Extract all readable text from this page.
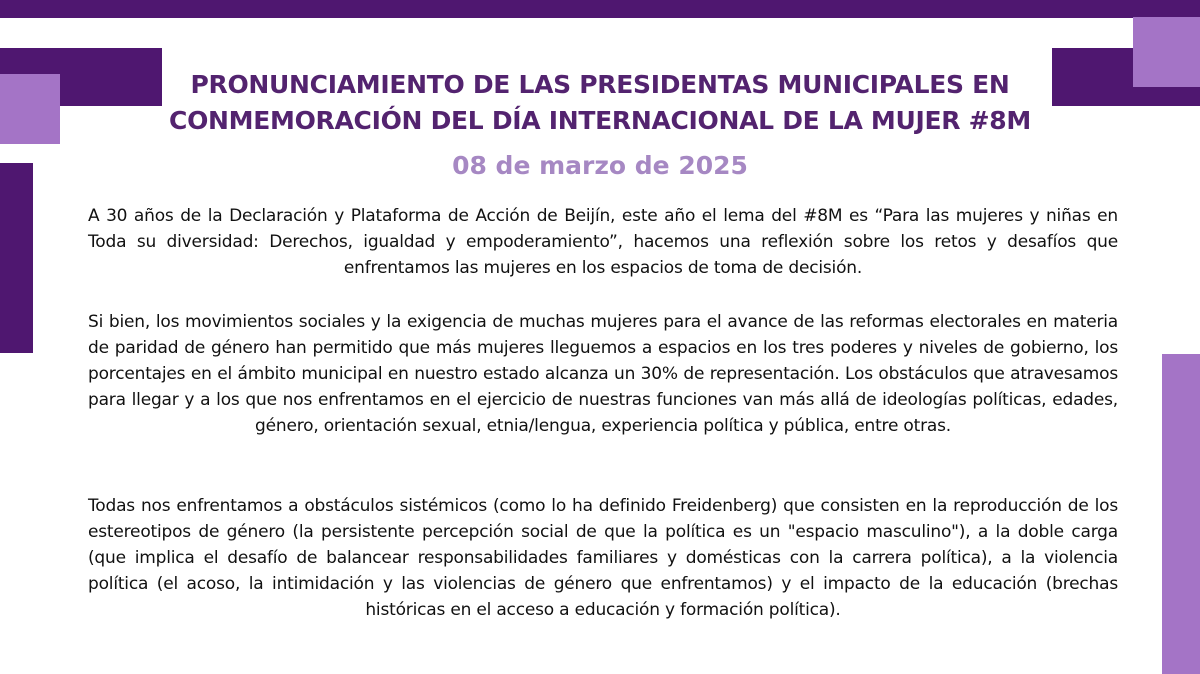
PRONUNCIAMIENTO DE LAS PRESIDENTAS MUNICIPALES EN
CONMEMORACIÓN DEL DÍA INTERNACIONAL DE LA MUJER #8M
08 de marzo de 2025

A 30 años de la Declaración y Plataforma de Acción de Beijín, este año el lema del #8M es “Para las mujeres y niñas en Toda su diversidad: Derechos, igualdad y empoderamiento”, hacemos una reflexión sobre los retos y desafíos que enfrentamos las mujeres en los espacios de toma de decisión.

Si bien, los movimientos sociales y la exigencia de muchas mujeres para el avance de las reformas electorales en materia de paridad de género han permitido que más mujeres lleguemos a espacios en los tres poderes y niveles de gobierno, los porcentajes en el ámbito municipal en nuestro estado alcanza un 30% de representación. Los obstáculos que atravesamos para llegar y a los que nos enfrentamos en el ejercicio de nuestras funciones van más allá de ideologías políticas, edades, género, orientación sexual, etnia/lengua, experiencia política y pública, entre otras.

Todas nos enfrentamos a obstáculos sistémicos (como lo ha definido Freidenberg) que consisten en la reproducción de los estereotipos de género (la persistente percepción social de que la política es un "espacio masculino"), a la doble carga (que implica el desafío de balancear responsabilidades familiares y domésticas con la carrera política), a la violencia política (el acoso, la intimidación y las violencias de género que enfrentamos) y el impacto de la educación (brechas históricas en el acceso a educación y formación política).
